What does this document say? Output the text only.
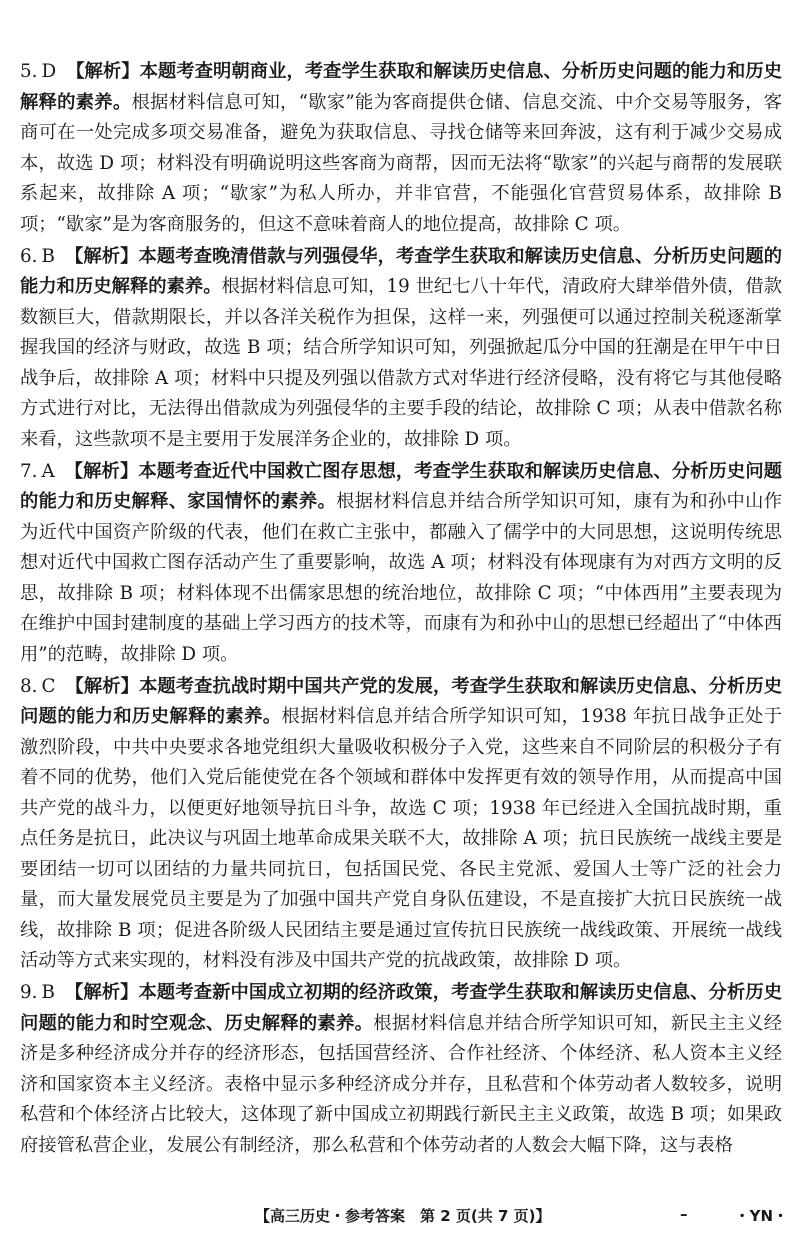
5. D 【解析】本题考查明朝商业，考查学生获取和解读历史信息、分析历史问题的能力和历史解释的素养。根据材料信息可知，“歇家”能为客商提供仓储、信息交流、中介交易等服务，客商可在一处完成多项交易准备，避免为获取信息、寻找仓储等来回奔波，这有利于减少交易成本，故选 D 项；材料没有明确说明这些客商为商帮，因而无法将“歇家”的兴起与商帮的发展联系起来，故排除 A 项；“歇家”为私人所办，并非官营，不能强化官营贸易体系，故排除 B 项；“歇家”是为客商服务的，但这不意味着商人的地位提高，故排除 C 项。
6. B 【解析】本题考查晚清借款与列强侵华，考查学生获取和解读历史信息、分析历史问题的能力和历史解释的素养。根据材料信息可知，19 世纪七八十年代，清政府大肆举借外债，借款数额巨大，借款期限长，并以各洋关税作为担保，这样一来，列强便可以通过控制关税逐渐掌握我国的经济与财政，故选 B 项；结合所学知识可知，列强掀起瓜分中国的狂潮是在甲午中日战争后，故排除 A 项；材料中只提及列强以借款方式对华进行经济侵略，没有将它与其他侵略方式进行对比，无法得出借款成为列强侵华的主要手段的结论，故排除 C 项；从表中借款名称来看，这些款项不是主要用于发展洋务企业的，故排除 D 项。
7. A 【解析】本题考查近代中国救亡图存思想，考查学生获取和解读历史信息、分析历史问题的能力和历史解释、家国情怀的素养。根据材料信息并结合所学知识可知，康有为和孙中山作为近代中国资产阶级的代表，他们在救亡主张中，都融入了儒学中的大同思想，这说明传统思想对近代中国救亡图存活动产生了重要影响，故选 A 项；材料没有体现康有为对西方文明的反思，故排除 B 项；材料体现不出儒家思想的统治地位，故排除 C 项；“中体西用”主要表现为在维护中国封建制度的基础上学习西方的技术等，而康有为和孙中山的思想已经超出了“中体西用”的范畴，故排除 D 项。
8. C 【解析】本题考查抗战时期中国共产党的发展，考查学生获取和解读历史信息、分析历史问题的能力和历史解释的素养。根据材料信息并结合所学知识可知，1938 年抗日战争正处于激烈阶段，中共中央要求各地党组织大量吸收积极分子入党，这些来自不同阶层的积极分子有着不同的优势，他们入党后能使党在各个领域和群体中发挥更有效的领导作用，从而提高中国共产党的战斗力，以便更好地领导抗日斗争，故选 C 项；1938 年已经进入全国抗战时期，重点任务是抗日，此决议与巩固土地革命成果关联不大，故排除 A 项；抗日民族统一战线主要是要团结一切可以团结的力量共同抗日，包括国民党、各民主党派、爱国人士等广泛的社会力量，而大量发展党员主要是为了加强中国共产党自身队伍建设，不是直接扩大抗日民族统一战线，故排除 B 项；促进各阶级人民团结主要是通过宣传抗日民族统一战线政策、开展统一战线活动等方式来实现的，材料没有涉及中国共产党的抗战政策，故排除 D 项。
9. B 【解析】本题考查新中国成立初期的经济政策，考查学生获取和解读历史信息、分析历史问题的能力和时空观念、历史解释的素养。根据材料信息并结合所学知识可知，新民主主义经济是多种经济成分并存的经济形态，包括国营经济、合作社经济、个体经济、私人资本主义经济和国家资本主义经济。表格中显示多种经济成分并存，且私营和个体劳动者人数较多，说明私营和个体经济占比较大，这体现了新中国成立初期践行新民主主义政策，故选 B 项；如果政府接管私营企业，发展公有制经济，那么私营和个体劳动者的人数会大幅下降，这与表格
【高三历史・参考答案　第 2 页(共 7 页)】	–	・YN・
